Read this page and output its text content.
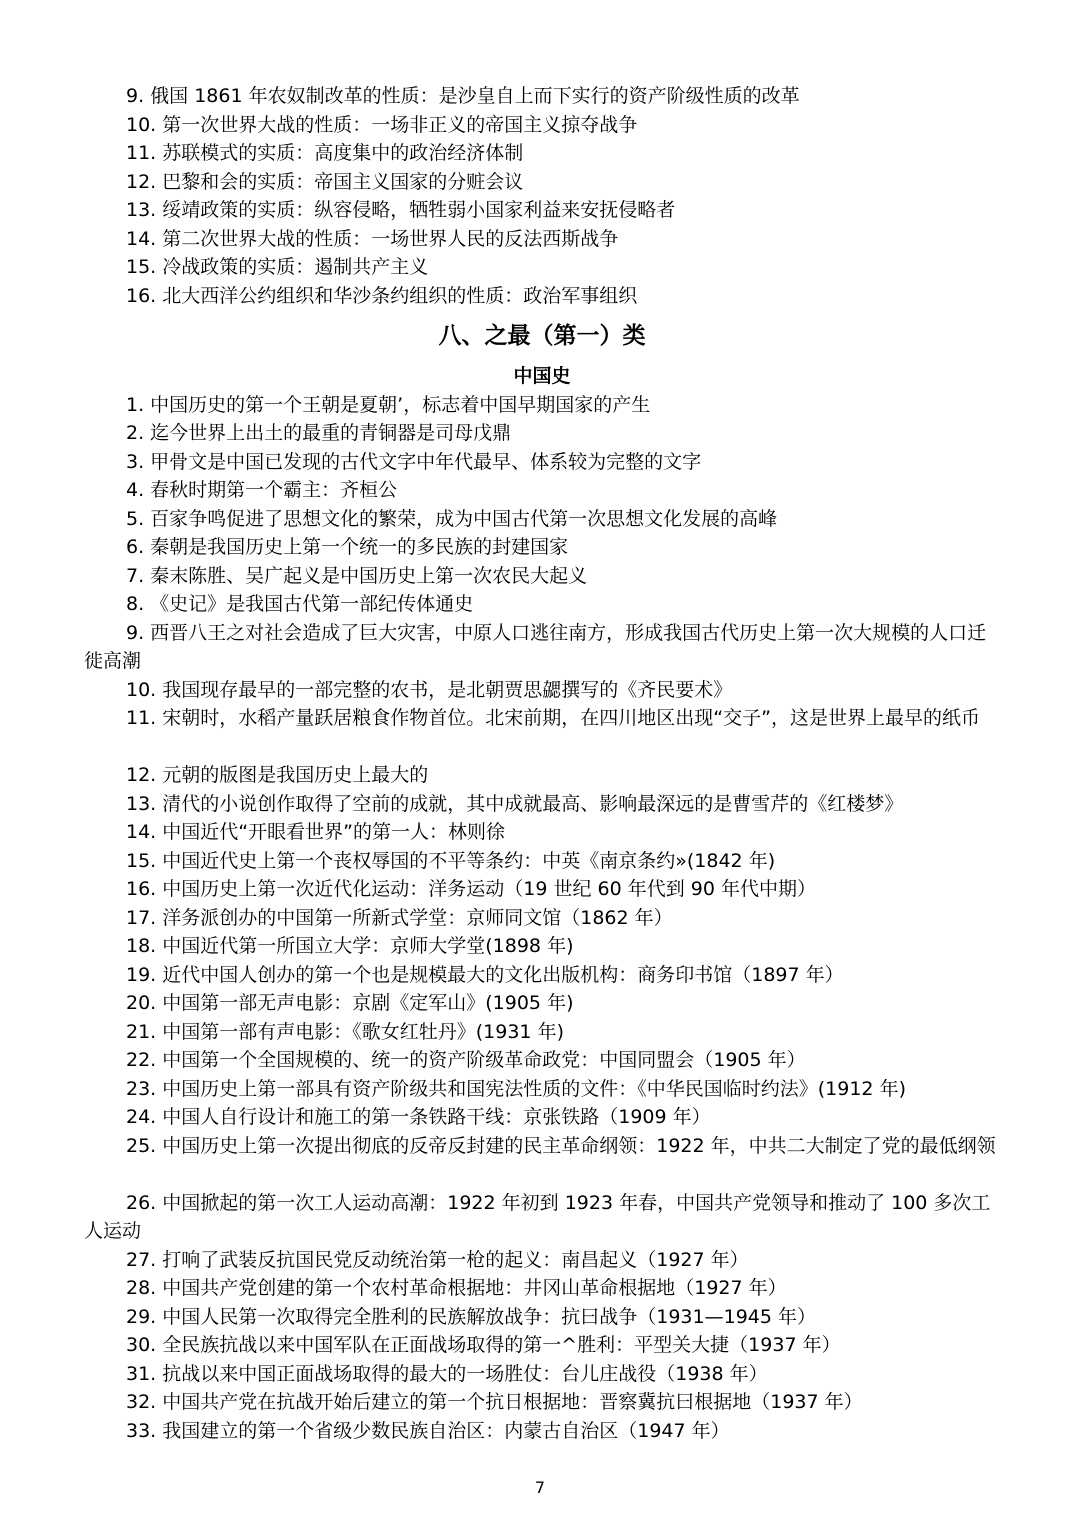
9. 俄国 1861 年农奴制改革的性质：是沙皇自上而下实行的资产阶级性质的改革
10. 第一次世界大战的性质：一场非正义的帝国主义掠夺战争
11. 苏联模式的实质：高度集中的政治经济体制
12. 巴黎和会的实质：帝国主义国家的分赃会议
13. 绥靖政策的实质：纵容侵略，牺牲弱小国家利益来安抚侵略者
14. 第二次世界大战的性质：一场世界人民的反法西斯战争
15. 冷战政策的实质：遏制共产主义
16. 北大西洋公约组织和华沙条约组织的性质：政治军事组织
八、之最（第一）类
中国史
1. 中国历史的第一个王朝是夏朝’，标志着中国早期国家的产生
2. 迄今世界上出土的最重的青铜器是司母戊鼎
3. 甲骨文是中国已发现的古代文字中年代最早、体系较为完整的文字
4. 春秋时期第一个霸主：齐桓公
5. 百家争鸣促进了思想文化的繁荣，成为中国古代第一次思想文化发展的高峰
6. 秦朝是我国历史上第一个统一的多民族的封建国家
7. 秦末陈胜、吴广起义是中国历史上第一次农民大起义
8. 《史记》是我国古代第一部纪传体通史
9. 西晋八王之对社会造成了巨大灾害，中原人口逃往南方，形成我国古代历史上第一次大规模的人口迁徙高潮
10. 我国现存最早的一部完整的农书，是北朝贾思勰撰写的《齐民要术》
11. 宋朝时，水稻产量跃居粮食作物首位。北宋前期，在四川地区出现“交子”，这是世界上最早的纸币
12. 元朝的版图是我国历史上最大的
13. 清代的小说创作取得了空前的成就，其中成就最高、影响最深远的是曹雪芹的《红楼梦》
14. 中国近代“开眼看世界”的第一人：林则徐
15. 中国近代史上第一个丧权辱国的不平等条约：中英《南京条约»(1842 年)
16. 中国历史上第一次近代化运动：洋务运动（19 世纪 60 年代到 90 年代中期）
17. 洋务派创办的中国第一所新式学堂：京师同文馆（1862 年）
18. 中国近代第一所国立大学：京师大学堂(1898 年)
19. 近代中国人创办的第一个也是规模最大的文化出版机构：商务印书馆（1897 年）
20. 中国第一部无声电影：京剧《定军山》(1905 年)
21. 中国第一部有声电影：《歌女红牡丹》(1931 年)
22. 中国第一个全国规模的、统一的资产阶级革命政党：中国同盟会（1905 年）
23. 中国历史上第一部具有资产阶级共和国宪法性质的文件：《中华民国临时约法》(1912 年)
24. 中国人自行设计和施工的第一条铁路干线：京张铁路（1909 年）
25. 中国历史上第一次提出彻底的反帝反封建的民主革命纲领：1922 年，中共二大制定了党的最低纲领
26. 中国掀起的第一次工人运动高潮：1922 年初到 1923 年春，中国共产党领导和推动了 100 多次工人运动
27. 打响了武装反抗国民党反动统治第一枪的起义：南昌起义（1927 年）
28. 中国共产党创建的第一个农村革命根据地：井冈山革命根据地（1927 年）
29. 中国人民第一次取得完全胜利的民族解放战争：抗曰战争（1931—1945 年）
30. 全民族抗战以来中国军队在正面战场取得的第一^胜利：平型关大捷（1937 年）
31. 抗战以来中国正面战场取得的最大的一场胜仗：台儿庄战役（1938 年）
32. 中国共产党在抗战开始后建立的第一个抗日根据地：晋察冀抗曰根据地（1937 年）
33. 我国建立的第一个省级少数民族自治区：内蒙古自治区（1947 年）
7
